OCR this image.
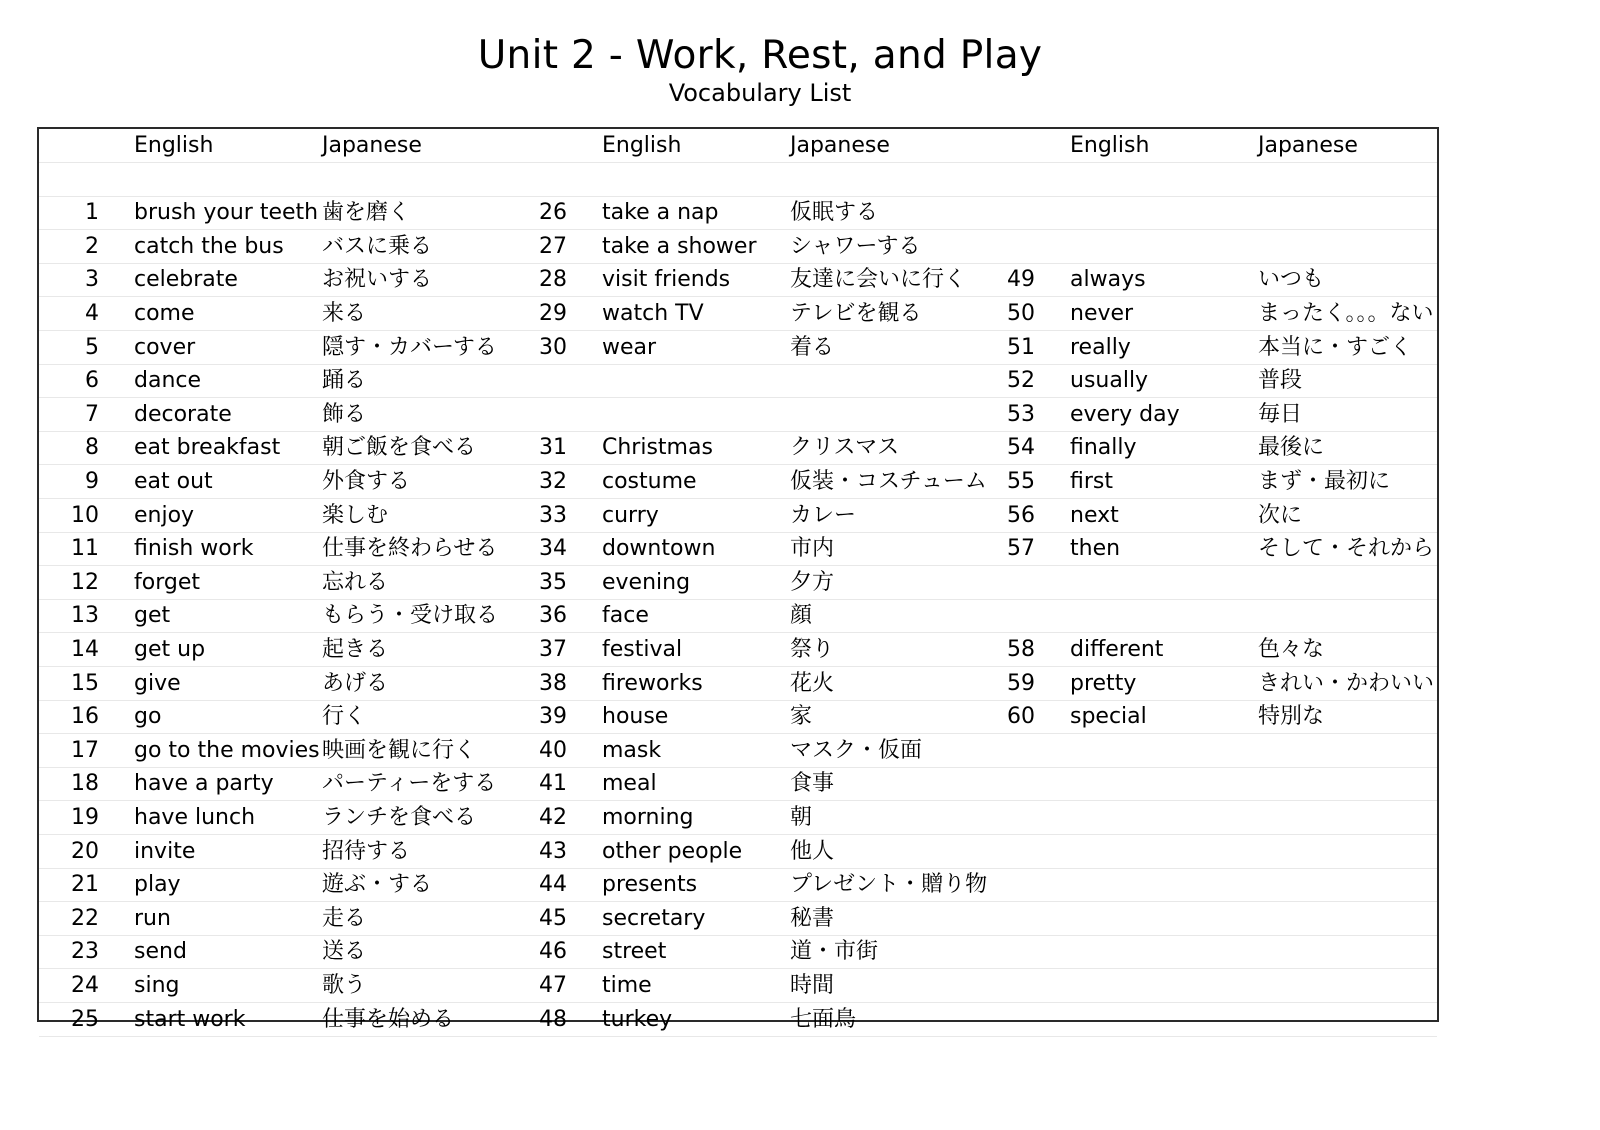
Unit 2 - Work, Rest, and Play
Vocabulary List
English	Japanese	English	Japanese	English	Japanese
1 brush your teeth 歯を磨く	26 take a nap	仮眠する
2 catch the bus	バスに乗る	27 take a shower	シャワーする
3 celebrate	お祝いする	28 visit friends	友達に会いに行く	49 always	いつも
4 come	来る	29 watch TV	テレビを観る	50 never	まったく。。。ない
5 cover	隠す・カバーする	30 wear	着る	51 really	本当に・すごく
6 dance	踊る	52 usually	普段
7 decorate	飾る	53 every day	毎日
8 eat breakfast	朝ご飯を食べる	31 Christmas	クリスマス	54 finally	最後に
9 eat out	外食する	32 costume	仮装・コスチューム 55 first	まず・最初に
10 enjoy	楽しむ	33 curry	カレー	56 next	次に
11 finish work	仕事を終わらせる	34 downtown	市内	57 then	そして・それから
12 forget	忘れる	35 evening	夕方
13 get	もらう・受け取る	36 face	顔
14 get up	起きる	37 festival	祭り	58 different	色々な
15 give	あげる	38 fireworks	花火	59 pretty	きれい・かわいい
16 go	行く	39 house	家	60 special	特別な
17 go to the movies 映画を観に行く	40 mask	マスク・仮面
18 have a party	パーティーをする	41 meal	食事
19 have lunch	ランチを食べる	42 morning	朝
20 invite	招待する	43 other people	他人
21 play	遊ぶ・する	44 presents	プレゼント・贈り物
22 run	走る	45 secretary	秘書
23 send	送る	46 street	道・市街
24 sing	歌う	47 time	時間
25 start work	仕事を始める	48 turkey	七面鳥
